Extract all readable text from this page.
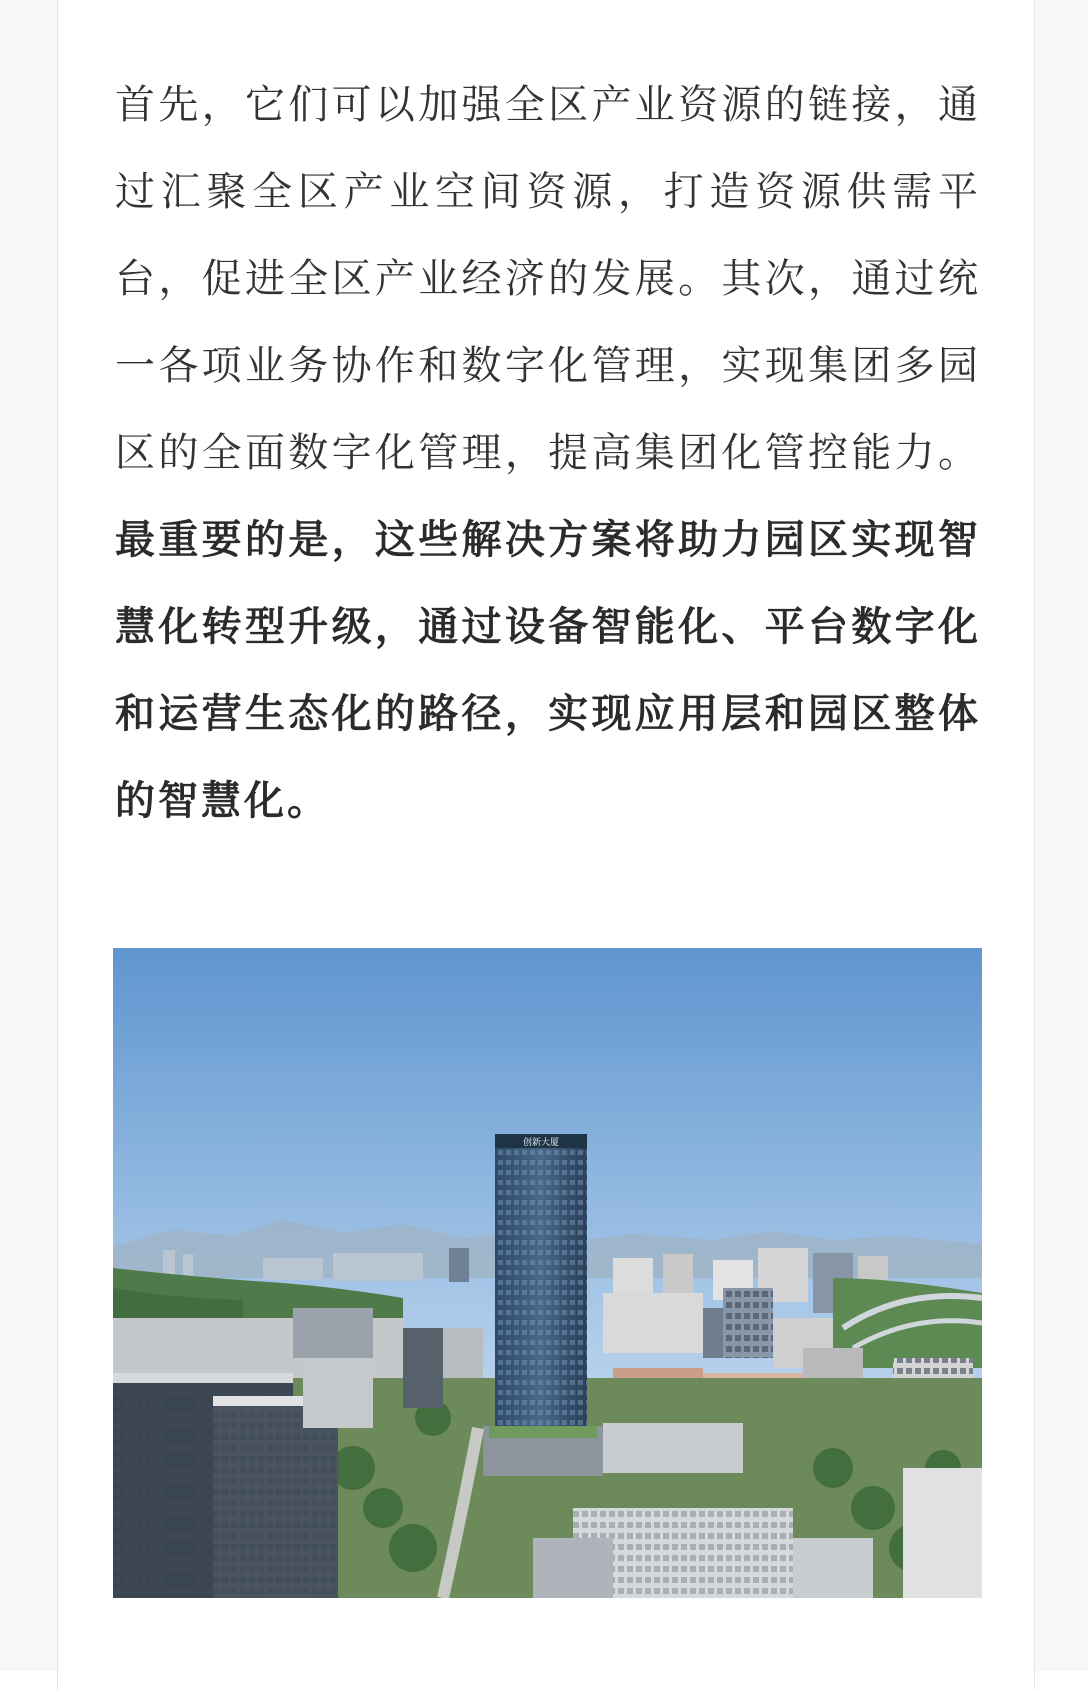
首先，它们可以加强全区产业资源的链接，通过汇聚全区产业空间资源，打造资源供需平台，促进全区产业经济的发展。其次，通过统一各项业务协作和数字化管理，实现集团多园区的全面数字化管理，提高集团化管控能力。最重要的是，这些解决方案将助力园区实现智慧化转型升级，通过设备智能化、平台数字化和运营生态化的路径，实现应用层和园区整体的智慧化。

创新大厦
